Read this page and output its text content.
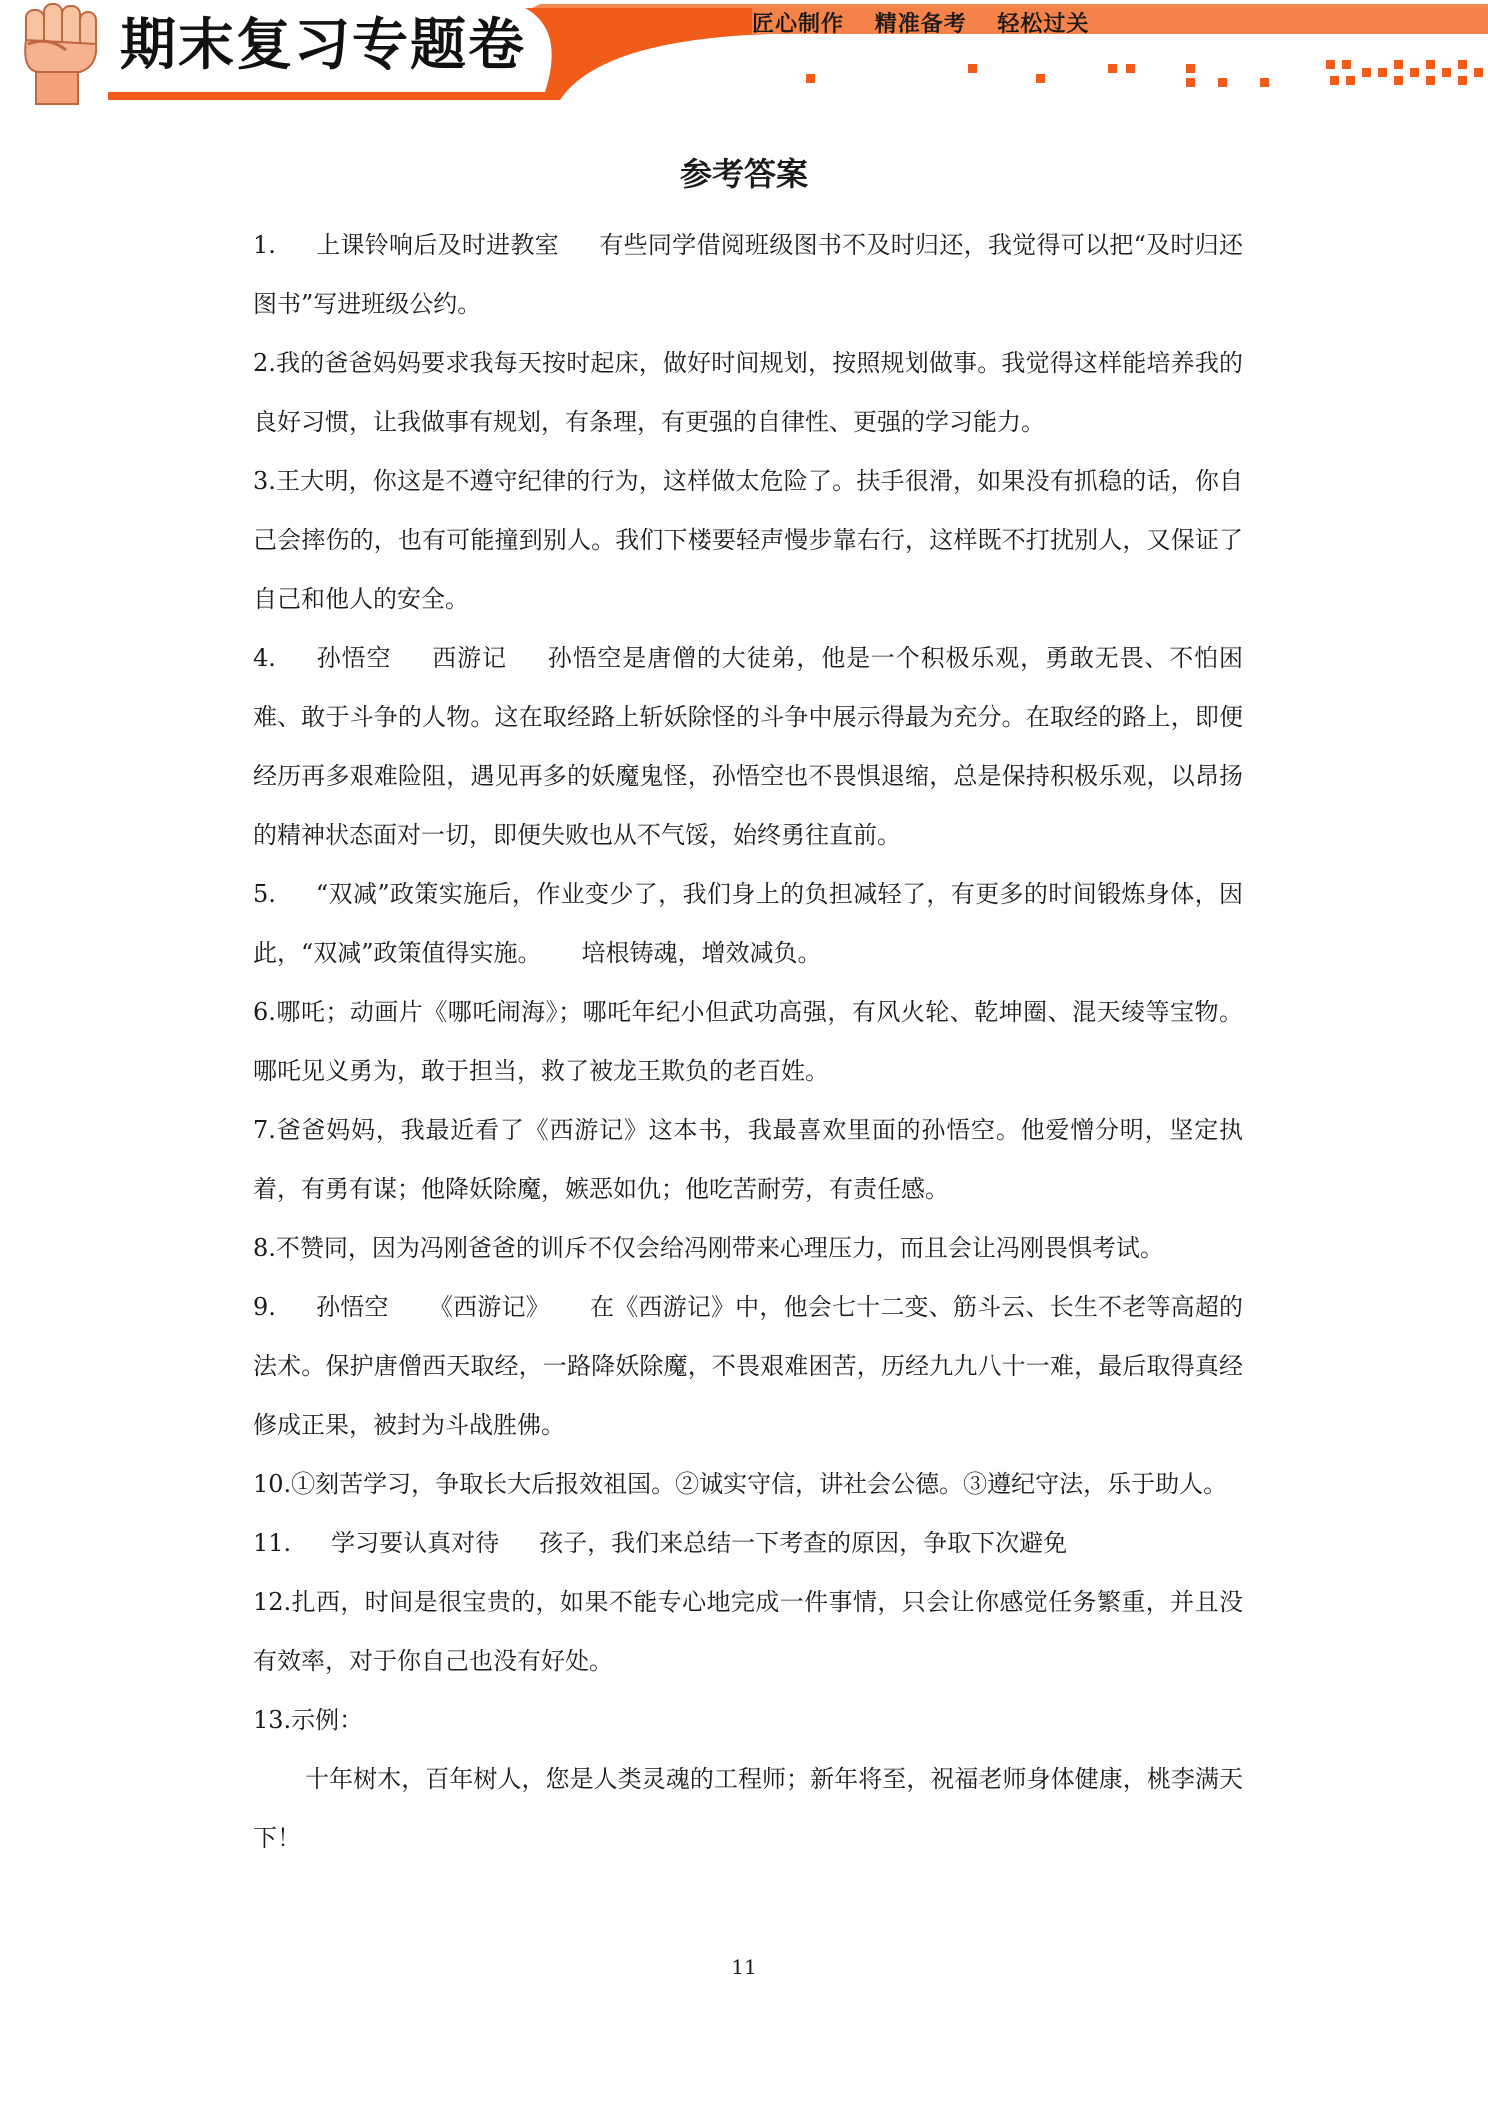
期末复习专题卷	匠心制作 精准备考 轻松过关
参考答案

1. 上课铃响后及时进教室 有些同学借阅班级图书不及时归还，我觉得可以把“及时归还图书”写进班级公约。

2.我的爸爸妈妈要求我每天按时起床，做好时间规划，按照规划做事。我觉得这样能培养我的良好习惯，让我做事有规划，有条理，有更强的自律性、更强的学习能力。

3.王大明，你这是不遵守纪律的行为，这样做太危险了。扶手很滑，如果没有抓稳的话，你自己会摔伤的，也有可能撞到别人。我们下楼要轻声慢步靠右行，这样既不打扰别人，又保证了自己和他人的安全。

4. 孙悟空 西游记 孙悟空是唐僧的大徒弟，他是一个积极乐观，勇敢无畏、不怕困难、敢于斗争的人物。这在取经路上斩妖除怪的斗争中展示得最为充分。在取经的路上，即便经历再多艰难险阻，遇见再多的妖魔鬼怪，孙悟空也不畏惧退缩，总是保持积极乐观，以昂扬的精神状态面对一切，即便失败也从不气馁，始终勇往直前。

5. “双减”政策实施后，作业变少了，我们身上的负担减轻了，有更多的时间锻炼身体，因此，“双减”政策值得实施。 培根铸魂，增效减负。

6.哪吒；动画片《哪吒闹海》；哪吒年纪小但武功高强，有风火轮、乾坤圈、混天绫等宝物。哪吒见义勇为，敢于担当，救了被龙王欺负的老百姓。

7.爸爸妈妈，我最近看了《西游记》这本书，我最喜欢里面的孙悟空。他爱憎分明，坚定执着，有勇有谋；他降妖除魔，嫉恶如仇；他吃苦耐劳，有责任感。

8.不赞同，因为冯刚爸爸的训斥不仅会给冯刚带来心理压力，而且会让冯刚畏惧考试。

9. 孙悟空 《西游记》 在《西游记》中，他会七十二变、筋斗云、长生不老等高超的法术。保护唐僧西天取经，一路降妖除魔，不畏艰难困苦，历经九九八十一难，最后取得真经修成正果，被封为斗战胜佛。

10.①刻苦学习，争取长大后报效祖国。②诚实守信，讲社会公德。③遵纪守法，乐于助人。

11. 学习要认真对待 孩子，我们来总结一下考查的原因，争取下次避免

12.扎西，时间是很宝贵的，如果不能专心地完成一件事情，只会让你感觉任务繁重，并且没有效率，对于你自己也没有好处。

13.示例：

十年树木，百年树人，您是人类灵魂的工程师；新年将至，祝福老师身体健康，桃李满天下！

11
